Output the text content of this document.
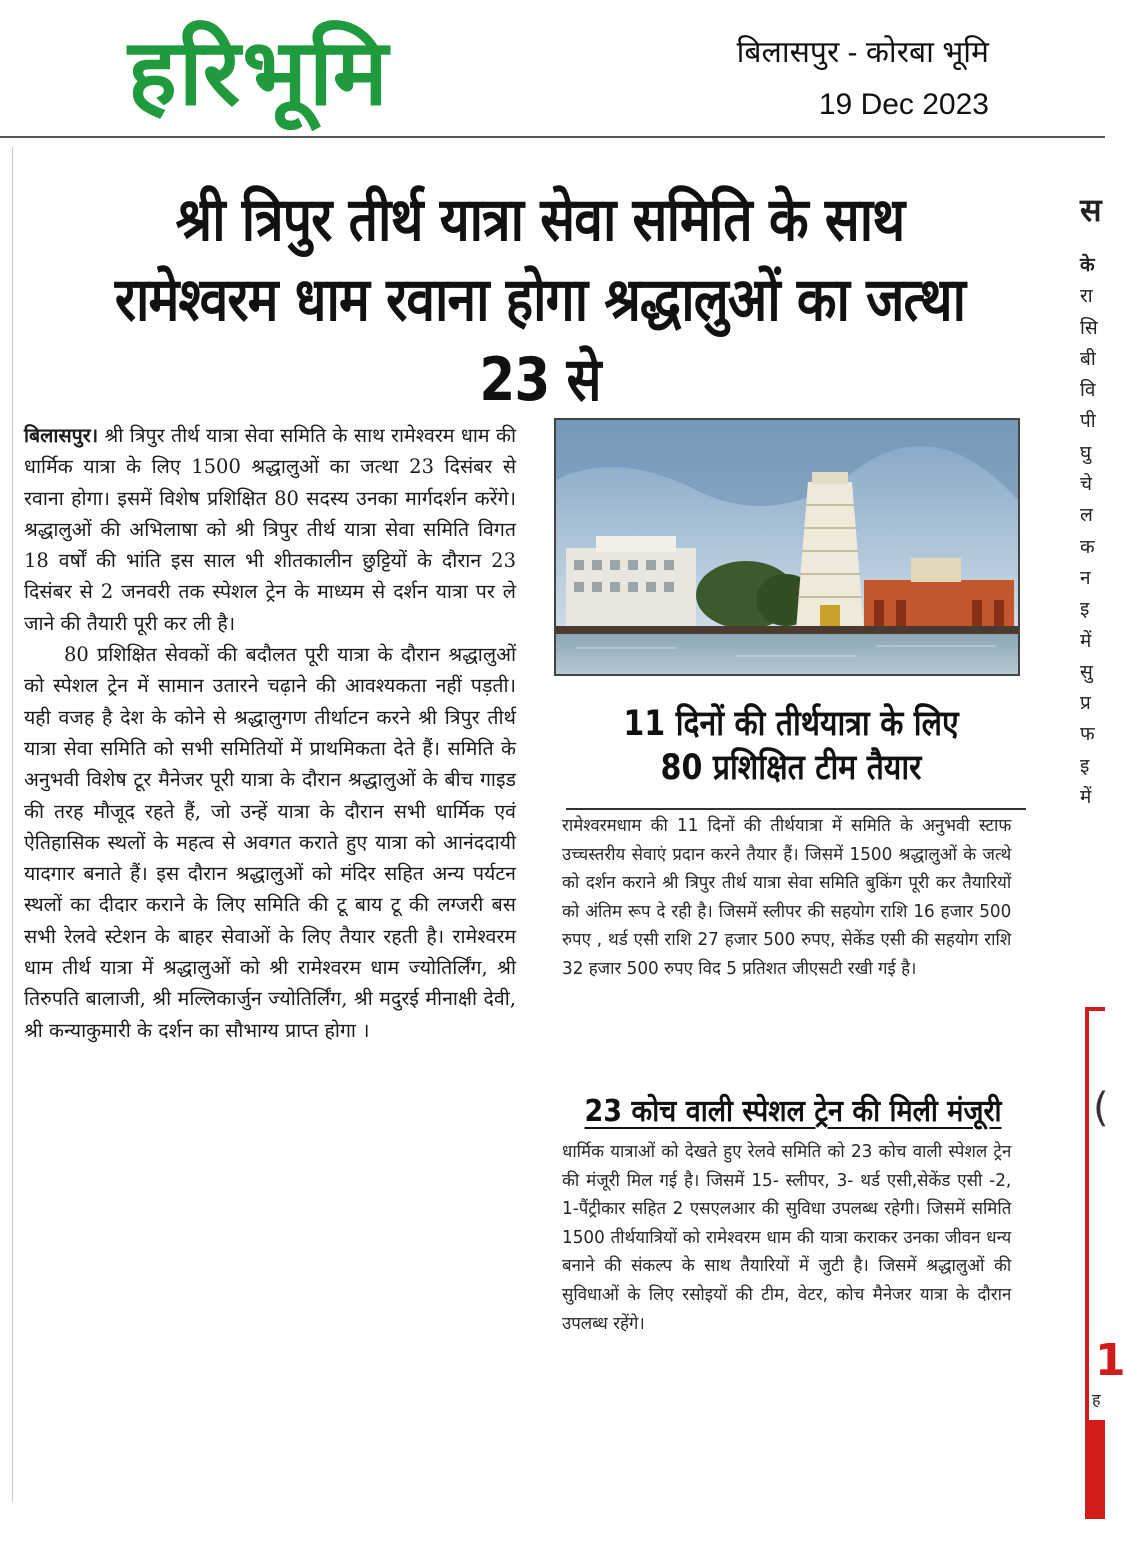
हरिभूमि	बिलासपुर - कोरबा भूमि
19 Dec 2023
श्री त्रिपुर तीर्थ यात्रा सेवा समिति के साथ रामेश्वरम धाम रवाना होगा श्रद्धालुओं का जत्था 23 से

बिलासपुर। श्री त्रिपुर तीर्थ यात्रा सेवा समिति के साथ रामेश्वरम धाम की धार्मिक यात्रा के लिए 1500 श्रद्धालुओं का जत्था 23 दिसंबर से रवाना होगा। इसमें विशेष प्रशिक्षित 80 सदस्य उनका मार्गदर्शन करेंगे। श्रद्धालुओं की अभिलाषा को श्री त्रिपुर तीर्थ यात्रा सेवा समिति विगत 18 वर्षों की भांति इस साल भी शीतकालीन छुट्टियों के दौरान 23 दिसंबर से 2 जनवरी तक स्पेशल ट्रेन के माध्यम से दर्शन यात्रा पर ले जाने की तैयारी पूरी कर ली है।

80 प्रशिक्षित सेवकों की बदौलत पूरी यात्रा के दौरान श्रद्धालुओं को स्पेशल ट्रेन में सामान उतारने चढ़ाने की आवश्यकता नहीं पड़ती। यही वजह है देश के कोने से श्रद्धालुगण तीर्थाटन करने श्री त्रिपुर तीर्थ यात्रा सेवा समिति को सभी समितियों में प्राथमिकता देते हैं। समिति के अनुभवी विशेष टूर मैनेजर पूरी यात्रा के दौरान श्रद्धालुओं के बीच गाइड की तरह मौजूद रहते हैं, जो उन्हें यात्रा के दौरान सभी धार्मिक एवं ऐतिहासिक स्थलों के महत्व से अवगत कराते हुए यात्रा को आनंददायी यादगार बनाते हैं। इस दौरान श्रद्धालुओं को मंदिर सहित अन्य पर्यटन स्थलों का दीदार कराने के लिए समिति की टू बाय टू की लग्जरी बस सभी रेलवे स्टेशन के बाहर सेवाओं के लिए तैयार रहती है। रामेश्वरम धाम तीर्थ यात्रा में श्रद्धालुओं को श्री रामेश्वरम धाम ज्योतिर्लिंग, श्री तिरुपति बालाजी, श्री मल्लिकार्जुन ज्योतिर्लिंग, श्री मदुरई मीनाक्षी देवी, श्री कन्याकुमारी के दर्शन का सौभाग्य प्राप्त होगा ।

11 दिनों की तीर्थयात्रा के लिए
80 प्रशिक्षित टीम तैयार

रामेश्वरमधाम की 11 दिनों की तीर्थयात्रा में समिति के अनुभवी स्टाफ उच्चस्तरीय सेवाएं प्रदान करने तैयार हैं। जिसमें 1500 श्रद्धालुओं के जत्थे को दर्शन कराने श्री त्रिपुर तीर्थ यात्रा सेवा समिति बुकिंग पूरी कर तैयारियों को अंतिम रूप दे रही है। जिसमें स्लीपर की सहयोग राशि 16 हजार 500 रुपए , थर्ड एसी राशि 27 हजार 500 रुपए, सेकेंड एसी की सहयोग राशि 32 हजार 500 रुपए विद 5 प्रतिशत जीएसटी रखी गई है।

23 कोच वाली स्पेशल ट्रेन की मिली मंजूरी

धार्मिक यात्राओं को देखते हुए रेलवे समिति को 23 कोच वाली स्पेशल ट्रेन की मंजूरी मिल गई है। जिसमें 15- स्लीपर, 3- थर्ड एसी,सेकेंड एसी -2, 1-पैंट्रीकार सहित 2 एसएलआर की सुविधा उपलब्ध रहेगी। जिसमें समिति 1500 तीर्थयात्रियों को रामेश्वरम धाम की यात्रा कराकर उनका जीवन धन्य बनाने की संकल्प के साथ तैयारियों में जुटी है। जिसमें श्रद्धालुओं की सुविधाओं के लिए रसोइयों की टीम, वेटर, कोच मैनेजर यात्रा के दौरान उपलब्ध रहेंगे।

स
के
रा
सि
बी
वि
पी
घु
चे
ल
क
न
इ
में
सु
प्र
फ
इ
में
(
1
ह
